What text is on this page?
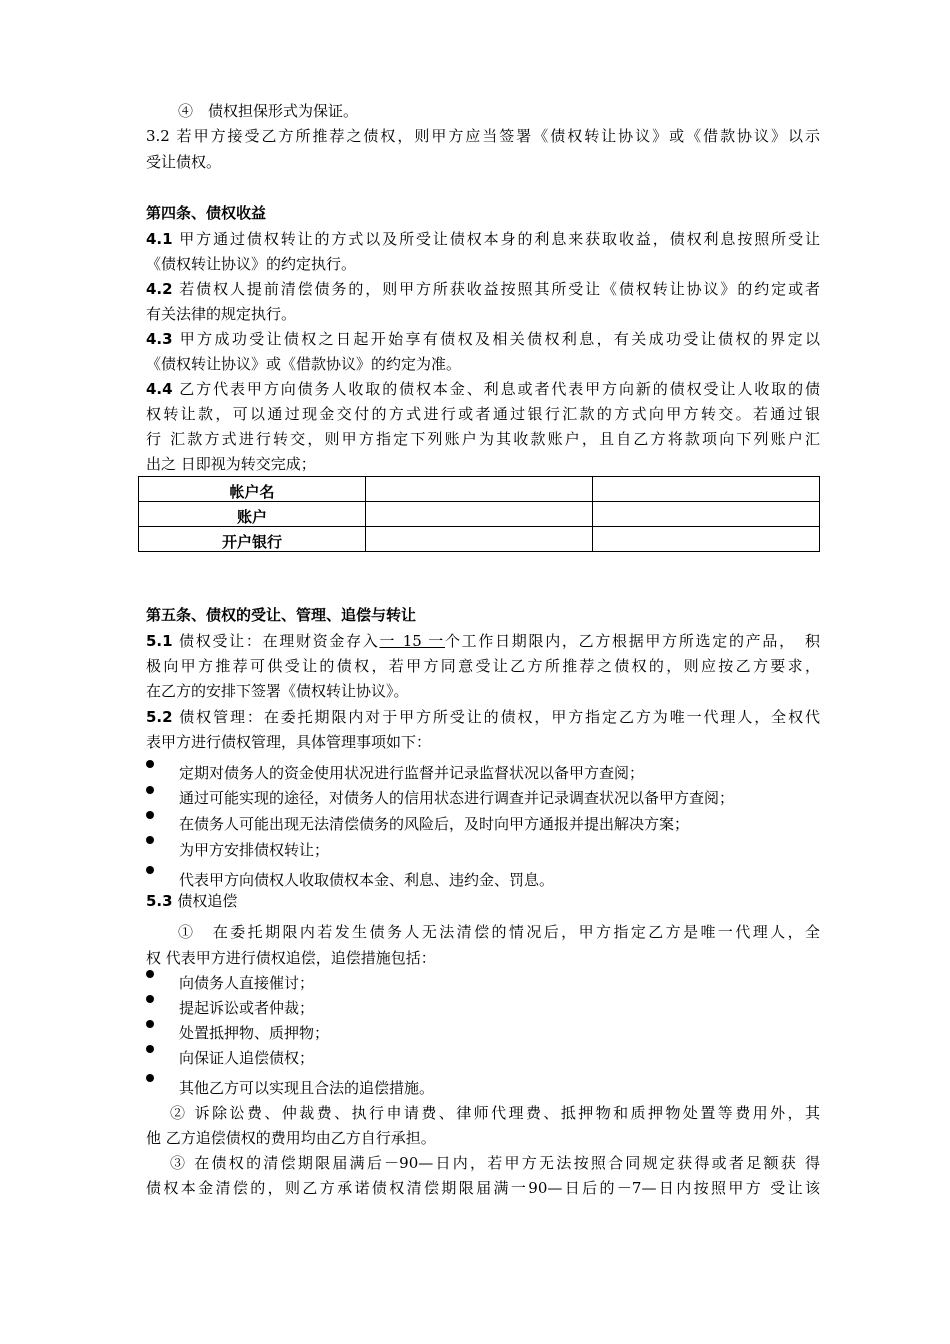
④　债权担保形式为保证。
3.2 若甲方接受乙方所推荐之债权，则甲方应当签署《债权转让协议》或《借款协议》以示
受让债权。
第四条、债权收益
4.1 甲方通过债权转让的方式以及所受让债权本身的利息来获取收益，债权利息按照所受让
《债权转让协议》的约定执行。
4.2 若债权人提前清偿债务的，则甲方所获收益按照其所受让《债权转让协议》的约定或者
有关法律的规定执行。
4.3 甲方成功受让债权之日起开始享有债权及相关债权利息，有关成功受让债权的界定以
《债权转让协议》或《借款协议》的约定为准。
4.4 乙方代表甲方向债务人收取的债权本金、利息或者代表甲方向新的债权受让人收取的债
权转让款，可以通过现金交付的方式进行或者通过银行汇款的方式向甲方转交。若通过银
行 汇款方式进行转交，则甲方指定下列账户为其收款账户，且自乙方将款项向下列账户汇
出之 日即视为转交完成；
帐户名		
账户		
开户银行		
第五条、债权的受让、管理、追偿与转让
5.1 债权受让：在理财资金存入一 15 一个工作日期限内，乙方根据甲方所选定的产品，　积
极向甲方推荐可供受让的债权，若甲方同意受让乙方所推荐之债权的，则应按乙方要求，
在乙方的安排下签署《债权转让协议》。
5.2 债权管理：在委托期限内对于甲方所受让的债权，甲方指定乙方为唯一代理人，全权代
表甲方进行债权管理，具体管理事项如下：
定期对债务人的资金使用状况进行监督并记录监督状况以备甲方查阅；
通过可能实现的途径，对债务人的信用状态进行调查并记录调查状况以备甲方查阅；
在债务人可能出现无法清偿债务的风险后，及时向甲方通报并提出解决方案；
为甲方安排债权转让；
代表甲方向债权人收取债权本金、利息、违约金、罚息。
5.3 债权追偿
①　在委托期限内若发生债务人无法清偿的情况后，甲方指定乙方是唯一代理人，全
权 代表甲方进行债权追偿，追偿措施包括：
向债务人直接催讨；
提起诉讼或者仲裁；
处置抵押物、质押物；
向保证人追偿债权；
其他乙方可以实现且合法的追偿措施。
② 诉除讼费、仲裁费、执行申请费、律师代理费、抵押物和质押物处置等费用外，其
他 乙方追偿债权的费用均由乙方自行承担。
③ 在债权的清偿期限届满后－90—日内，若甲方无法按照合同规定获得或者足额获 得
债权本金清偿的，则乙方承诺债权清偿期限届满一90—日后的－7—日内按照甲方 受让该
